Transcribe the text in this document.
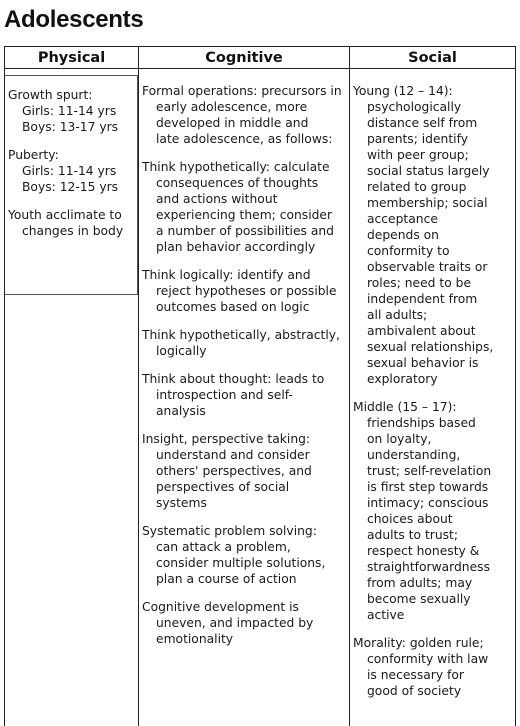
Adolescents
Physical	Cognitive	Social
Growth spurt:
Girls: 11-14 yrs
Boys: 13-17 yrs
Puberty:
Girls: 11-14 yrs
Boys: 12-15 yrs
Youth acclimate to
changes in body
Formal operations: precursors in
early adolescence, more
developed in middle and
late adolescence, as follows:
Think hypothetically: calculate
consequences of thoughts
and actions without
experiencing them; consider
a number of possibilities and
plan behavior accordingly
Think logically: identify and
reject hypotheses or possible
outcomes based on logic
Think hypothetically, abstractly,
logically
Think about thought: leads to
introspection and self-
analysis
Insight, perspective taking:
understand and consider
others' perspectives, and
perspectives of social
systems
Systematic problem solving:
can attack a problem,
consider multiple solutions,
plan a course of action
Cognitive development is
uneven, and impacted by
emotionality
Young (12 – 14):
psychologically
distance self from
parents; identify
with peer group;
social status largely
related to group
membership; social
acceptance
depends on
conformity to
observable traits or
roles; need to be
independent from
all adults;
ambivalent about
sexual relationships,
sexual behavior is
exploratory
Middle (15 – 17):
friendships based
on loyalty,
understanding,
trust; self-revelation
is first step towards
intimacy; conscious
choices about
adults to trust;
respect honesty &
straightforwardness
from adults; may
become sexually
active
Morality: golden rule;
conformity with law
is necessary for
good of society
